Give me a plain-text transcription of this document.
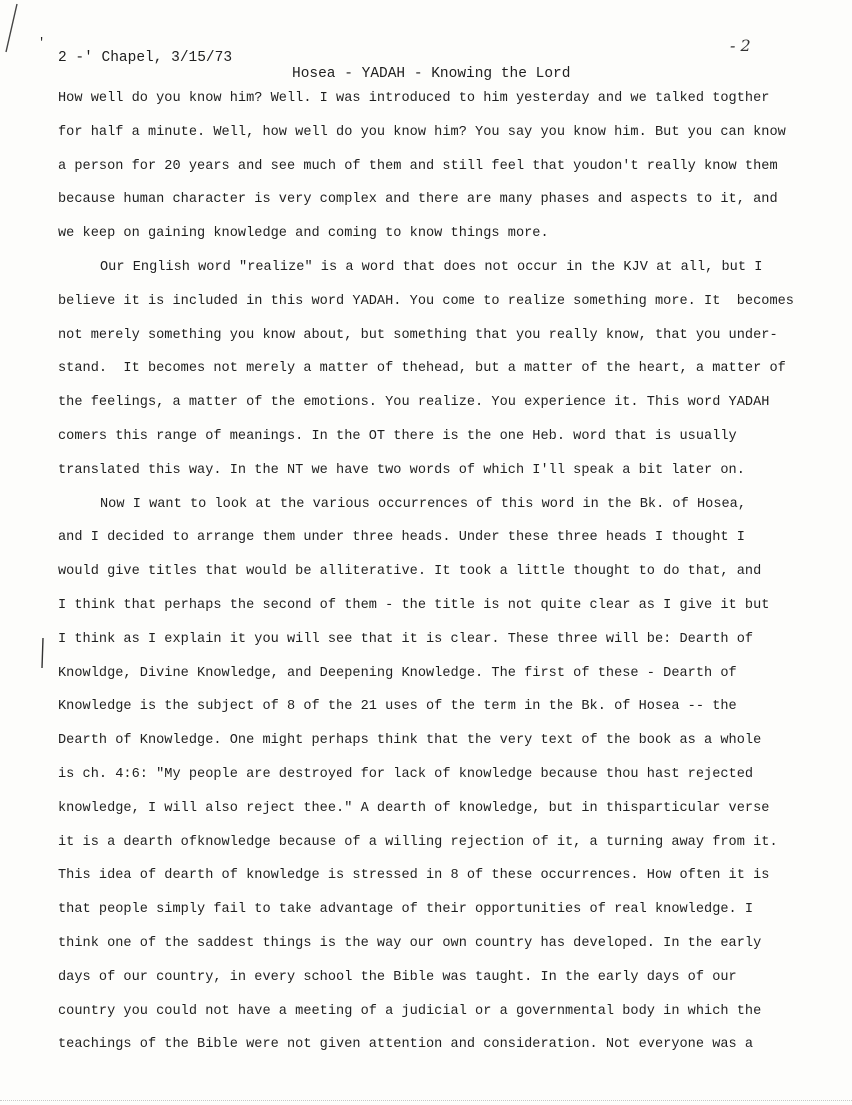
'

2 -' Chapel, 3/15/73

Hosea - YADAH - Knowing the Lord

- 2
How well do you know him? Well. I was introduced to him yesterday and we talked togther
for half a minute. Well, how well do you know him? You say you know him. But you can know
a person for 20 years and see much of them and still feel that youdon't really know them
because human character is very complex and there are many phases and aspects to it, and
we keep on gaining knowledge and coming to know things more.
Our English word "realize" is a word that does not occur in the KJV at all, but I
believe it is included in this word YADAH. You come to realize something more. It  becomes
not merely something you know about, but something that you really know, that you under-
stand.  It becomes not merely a matter of thehead, but a matter of the heart, a matter of
the feelings, a matter of the emotions. You realize. You experience it. This word YADAH
comers this range of meanings. In the OT there is the one Heb. word that is usually
translated this way. In the NT we have two words of which I'll speak a bit later on.
Now I want to look at the various occurrences of this word in the Bk. of Hosea,
and I decided to arrange them under three heads. Under these three heads I thought I
would give titles that would be alliterative. It took a little thought to do that, and
I think that perhaps the second of them - the title is not quite clear as I give it but
I think as I explain it you will see that it is clear. These three will be: Dearth of
Knowldge, Divine Knowledge, and Deepening Knowledge. The first of these - Dearth of
Knowledge is the subject of 8 of the 21 uses of the term in the Bk. of Hosea -- the
Dearth of Knowledge. One might perhaps think that the very text of the book as a whole
is ch. 4:6: "My people are destroyed for lack of knowledge because thou hast rejected
knowledge, I will also reject thee." A dearth of knowledge, but in thisparticular verse
it is a dearth ofknowledge because of a willing rejection of it, a turning away from it.
This idea of dearth of knowledge is stressed in 8 of these occurrences. How often it is
that people simply fail to take advantage of their opportunities of real knowledge. I
think one of the saddest things is the way our own country has developed. In the early
days of our country, in every school the Bible was taught. In the early days of our
country you could not have a meeting of a judicial or a governmental body in which the
teachings of the Bible were not given attention and consideration. Not everyone was a
